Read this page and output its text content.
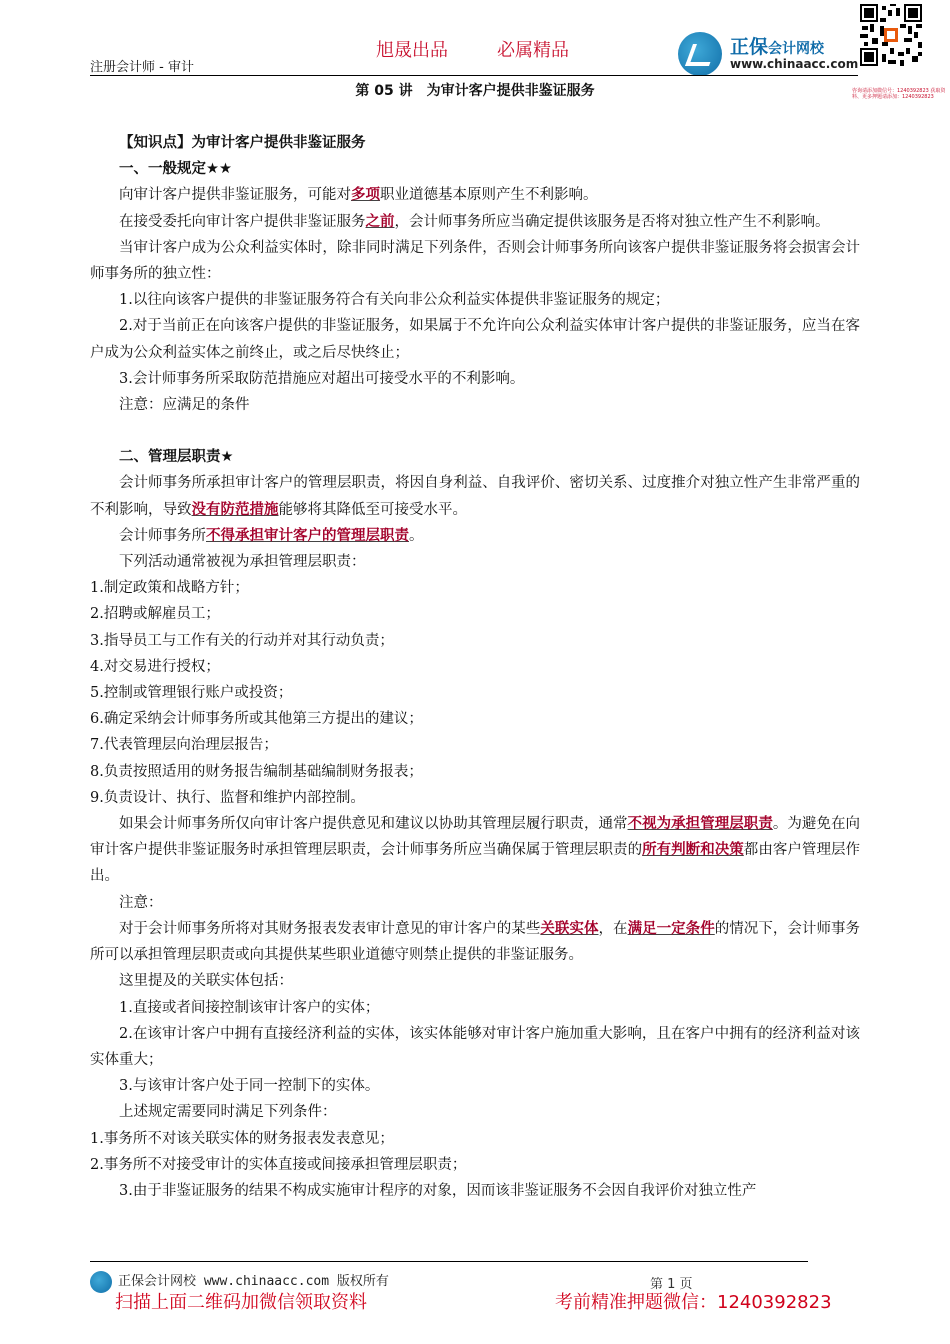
注册会计师 - 审计
旭晟出品	必属精品	正保会计网校
www.chinaacc.com
咨询请添加微信号：1240392823 获取资料、更多押题请添加：1240392823
第 05 讲　为审计客户提供非鉴证服务

【知识点】为审计客户提供非鉴证服务

一、一般规定★★

向审计客户提供非鉴证服务，可能对多项职业道德基本原则产生不利影响。

在接受委托向审计客户提供非鉴证服务之前，会计师事务所应当确定提供该服务是否将对独立性产生不利影响。

当审计客户成为公众利益实体时，除非同时满足下列条件，否则会计师事务所向该客户提供非鉴证服务将会损害会计师事务所的独立性：

1.以往向该客户提供的非鉴证服务符合有关向非公众利益实体提供非鉴证服务的规定；

2.对于当前正在向该客户提供的非鉴证服务，如果属于不允许向公众利益实体审计客户提供的非鉴证服务，应当在客户成为公众利益实体之前终止，或之后尽快终止；

3.会计师事务所采取防范措施应对超出可接受水平的不利影响。

注意：应满足的条件

二、管理层职责★

会计师事务所承担审计客户的管理层职责，将因自身利益、自我评价、密切关系、过度推介对独立性产生非常严重的不利影响，导致没有防范措施能够将其降低至可接受水平。

会计师事务所不得承担审计客户的管理层职责。

下列活动通常被视为承担管理层职责：

1.制定政策和战略方针；

2.招聘或解雇员工；

3.指导员工与工作有关的行动并对其行动负责；

4.对交易进行授权；

5.控制或管理银行账户或投资；

6.确定采纳会计师事务所或其他第三方提出的建议；

7.代表管理层向治理层报告；

8.负责按照适用的财务报告编制基础编制财务报表；

9.负责设计、执行、监督和维护内部控制。

如果会计师事务所仅向审计客户提供意见和建议以协助其管理层履行职责，通常不视为承担管理层职责。为避免在向审计客户提供非鉴证服务时承担管理层职责，会计师事务所应当确保属于管理层职责的所有判断和决策都由客户管理层作出。

注意：

对于会计师事务所将对其财务报表发表审计意见的审计客户的某些关联实体，在满足一定条件的情况下，会计师事务所可以承担管理层职责或向其提供某些职业道德守则禁止提供的非鉴证服务。

这里提及的关联实体包括：

1.直接或者间接控制该审计客户的实体；

2.在该审计客户中拥有直接经济利益的实体，该实体能够对审计客户施加重大影响，且在客户中拥有的经济利益对该实体重大；

3.与该审计客户处于同一控制下的实体。

上述规定需要同时满足下列条件：

1.事务所不对该关联实体的财务报表发表意见；

2.事务所不对接受审计的实体直接或间接承担管理层职责；

3.由于非鉴证服务的结果不构成实施审计程序的对象，因而该非鉴证服务不会因自我评价对独立性产

正保会计网校 www.chinaacc.com 版权所有	第 1 页
扫描上面二维码加微信领取资料	考前精准押题微信：1240392823
